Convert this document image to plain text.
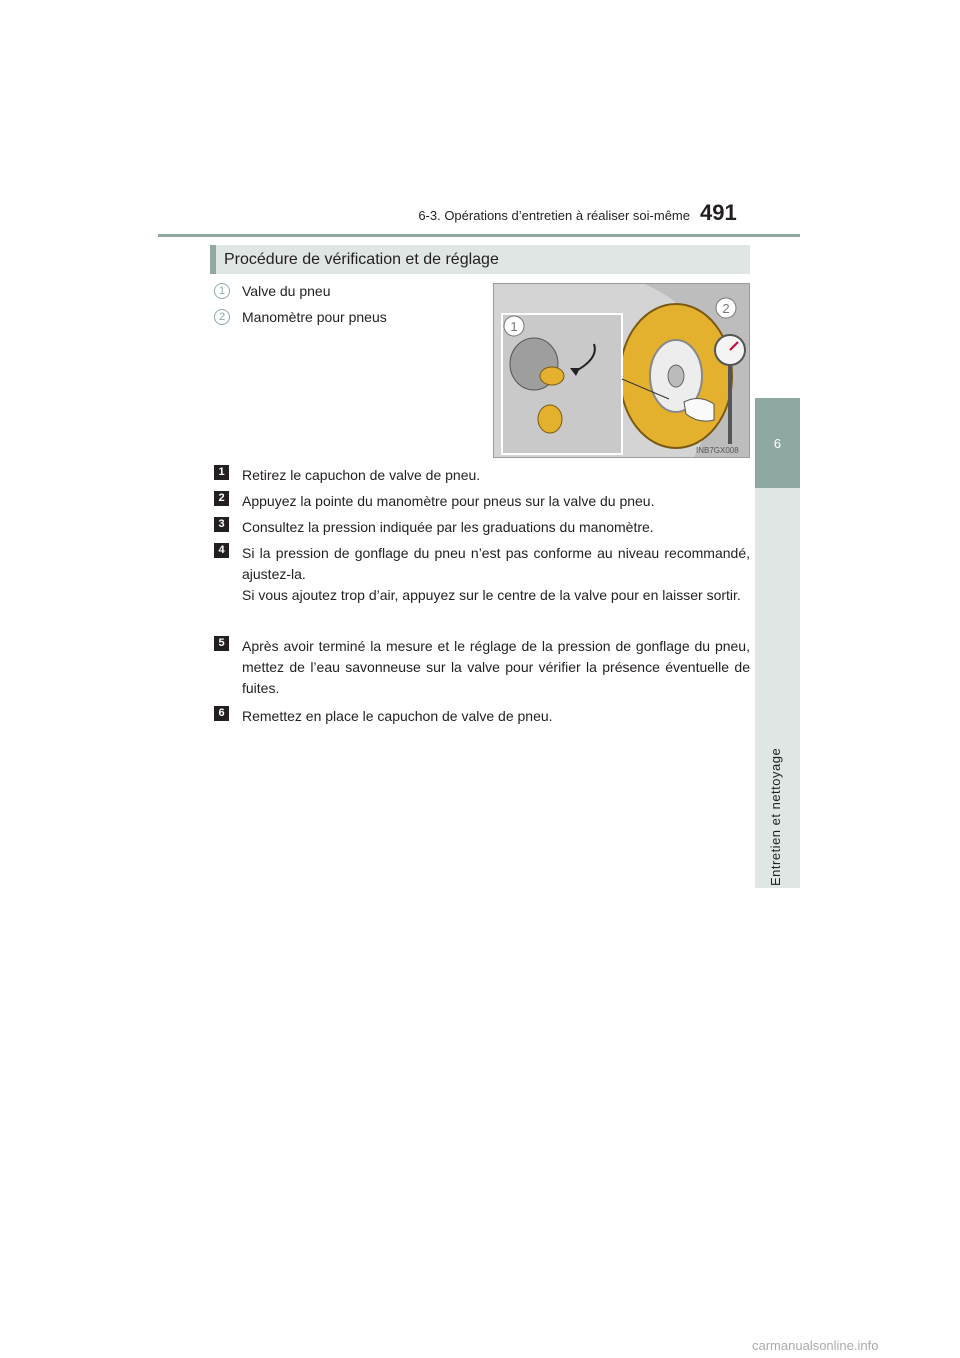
6-3. Opérations d’entretien à réaliser soi-même 491
6
Entretien et nettoyage
Procédure de vérification et de réglage
1	Valve du pneu
2	Manomètre pour pneus
1
2
INB7GX008
1	Retirez le capuchon de valve de pneu.

2	Appuyez la pointe du manomètre pour pneus sur la valve du pneu.

3	Consultez la pression indiquée par les graduations du manomètre.

4	Si la pression de gonflage du pneu n’est pas conforme au niveau recommandé, ajustez-la.

Si vous ajoutez trop d’air, appuyez sur le centre de la valve pour en laisser sortir.

5	Après avoir terminé la mesure et le réglage de la pression de gonflage du pneu, mettez de l’eau savonneuse sur la valve pour vérifier la présence éventuelle de fuites.

6	Remettez en place le capuchon de valve de pneu.

carmanualsonline.info
